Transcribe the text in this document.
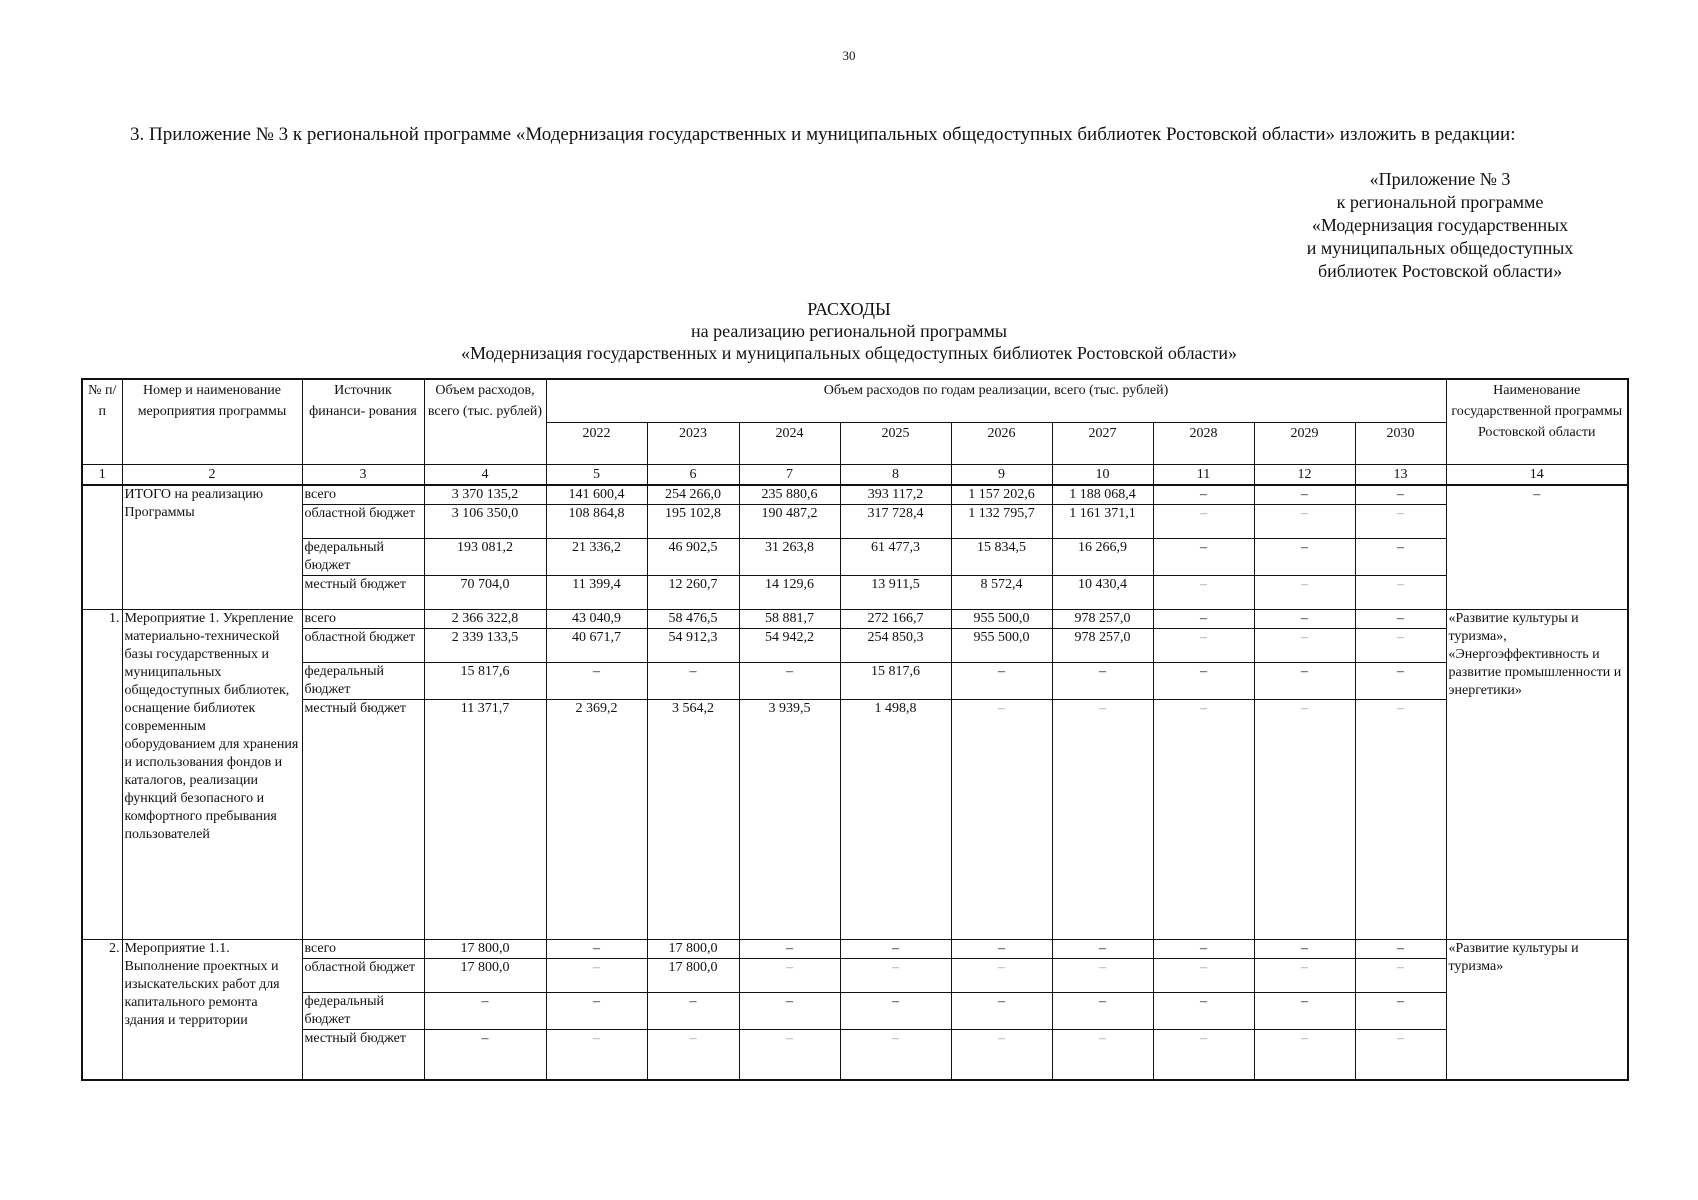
30
3. Приложение № 3 к региональной программе «Модернизация государственных и муниципальных общедоступных библиотек Ростовской области» изложить в редакции:
«Приложение № 3
к региональной программе
«Модернизация государственных
и муниципальных общедоступных
библиотек Ростовской области»
РАСХОДЫ
на реализацию региональной программы
«Модернизация государственных и муниципальных общедоступных библиотек Ростовской области»
№ п/п	Номер и наименование мероприятия программы	Источник финанси- рования	Объем расходов, всего (тыс. рублей)	Объем расходов по годам реализации, всего (тыс. рублей)									Наименование государственной программы Ростовской области
				2022	2023	2024	2025	2026	2027	2028	2029	2030	
1	2	3	4	5	6	7	8	9	10	11	12	13	14
	ИТОГО на реализацию Программы	всего	3 370 135,2	141 600,4	254 266,0	235 880,6	393 117,2	1 157 202,6	1 188 068,4	–	–	–	–
		областной бюджет	3 106 350,0	108 864,8	195 102,8	190 487,2	317 728,4	1 132 795,7	1 161 371,1	–	–	–	
		федеральный бюджет	193 081,2	21 336,2	46 902,5	31 263,8	61 477,3	15 834,5	16 266,9	–	–	–	
		местный бюджет	70 704,0	11 399,4	12 260,7	14 129,6	13 911,5	8 572,4	10 430,4	–	–	–	
1.	Мероприятие 1. Укрепление материально-технической базы государственных и муниципальных общедоступных библиотек, оснащение библиотек современным оборудованием для хранения и использования фондов и каталогов, реализации функций безопасного и комфортного пребывания пользователей	всего	2 366 322,8	43 040,9	58 476,5	58 881,7	272 166,7	955 500,0	978 257,0	–	–	–	«Развитие культуры и туризма», «Энергоэффективность и развитие промышленности и энергетики»
		областной бюджет	2 339 133,5	40 671,7	54 912,3	54 942,2	254 850,3	955 500,0	978 257,0	–	–	–	
		федеральный бюджет	15 817,6	–	–	–	15 817,6	–	–	–	–	–	
		местный бюджет	11 371,7	2 369,2	3 564,2	3 939,5	1 498,8	–	–	–	–	–	
2.	Мероприятие 1.1. Выполнение проектных и изыскательских работ для капитального ремонта здания и территории	всего	17 800,0	–	17 800,0	–	–	–	–	–	–	–	«Развитие культуры и туризма»
		областной бюджет	17 800,0	–	17 800,0	–	–	–	–	–	–	–	
		федеральный бюджет	–	–	–	–	–	–	–	–	–	–	
		местный бюджет	–	–	–	–	–	–	–	–	–	–	
